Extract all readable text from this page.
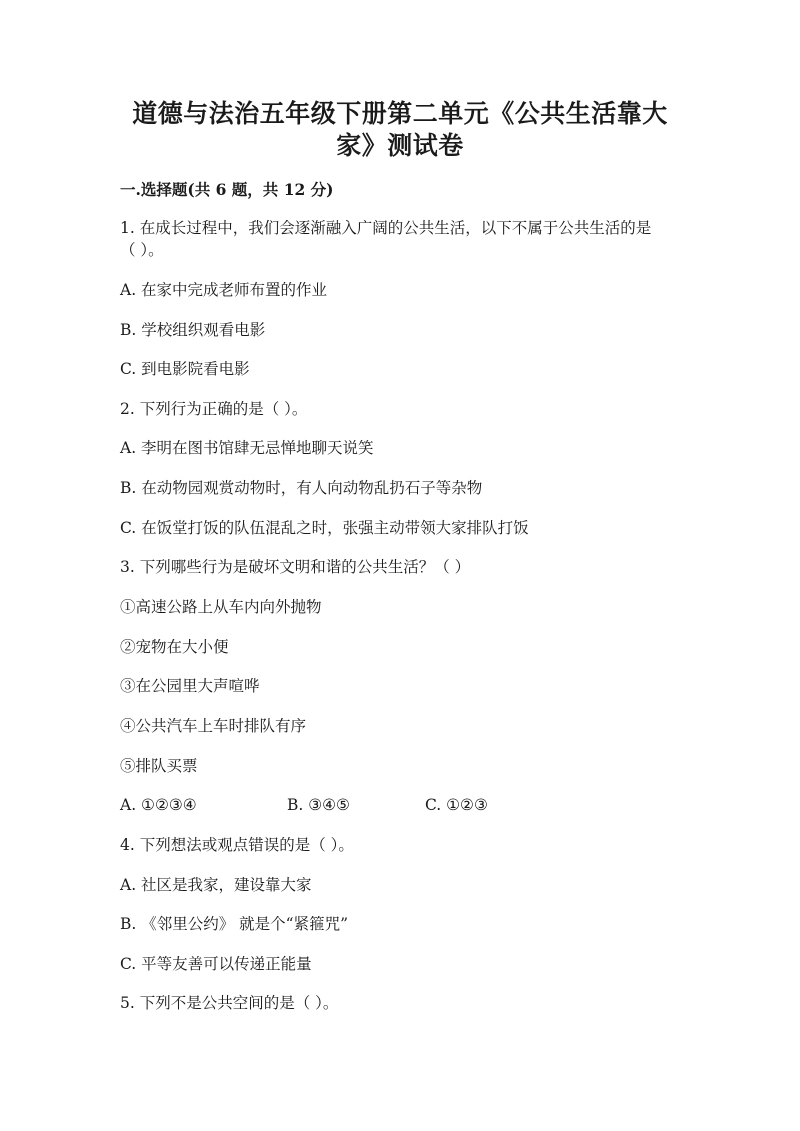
道德与法治五年级下册第二单元《公共生活靠大
家》测试卷
一.选择题(共 6 题，共 12 分)
1. 在成长过程中，我们会逐渐融入广阔的公共生活，以下不属于公共生活的是
（ ）。
A. 在家中完成老师布置的作业
B. 学校组织观看电影
C. 到电影院看电影
2. 下列行为正确的是（ ）。
A. 李明在图书馆肆无忌惮地聊天说笑
B. 在动物园观赏动物时，有人向动物乱扔石子等杂物
C. 在饭堂打饭的队伍混乱之时，张强主动带领大家排队打饭
3. 下列哪些行为是破坏文明和谐的公共生活？（ ）
①高速公路上从车内向外抛物
②宠物在大小便
③在公园里大声喧哗
④公共汽车上车时排队有序
⑤排队买票
A. ①②③④	B. ③④⑤	C. ①②③
4. 下列想法或观点错误的是（ ）。
A. 社区是我家，建设靠大家
B. 《邻里公约》 就是个“紧箍咒”
C. 平等友善可以传递正能量
5. 下列不是公共空间的是（ ）。
